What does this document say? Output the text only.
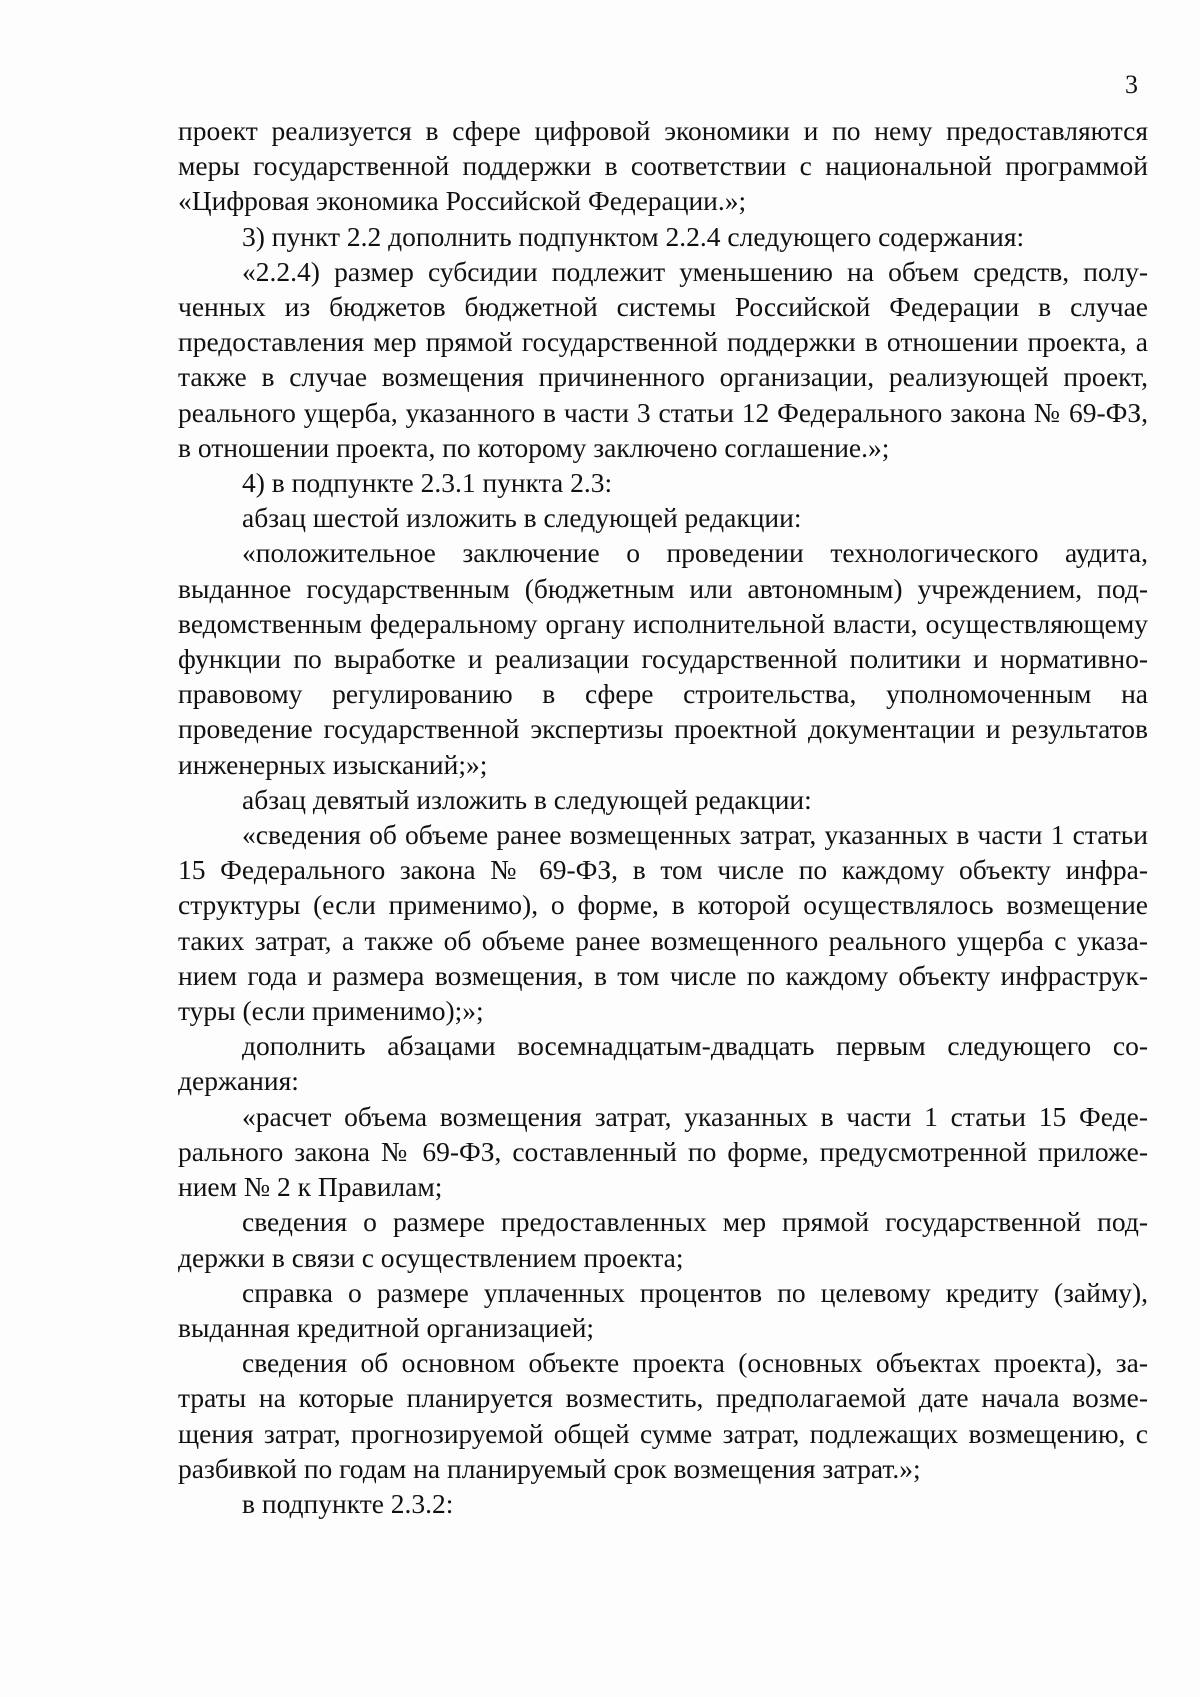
3

проект реализуется в сфере цифровой экономики и по нему предоставляются меры государственной поддержки в соответствии с национальной программой «Цифровая экономика Российской Федерации.»;

3) пункт 2.2 дополнить подпунктом 2.2.4 следующего содержания:

«2.2.4) размер субсидии подлежит уменьшению на объем средств, полученных из бюджетов бюджетной системы Российской Федерации в случае предоставления мер прямой государственной поддержки в отношении проекта, а также в случае возмещения причиненного организации, реализующей проект, реального ущерба, указанного в части 3 статьи 12 Федерального закона № 69-ФЗ, в отношении проекта, по которому заключено соглашение.»;

4) в подпункте 2.3.1 пункта 2.3:

абзац шестой изложить в следующей редакции:

«положительное заключение о проведении технологического аудита, выданное государственным (бюджетным или автономным) учреждением, подведомственным федеральному органу исполнительной власти, осуществляющему функции по выработке и реализации государственной политики и нормативно-правовому регулированию в сфере строительства, уполномоченным на проведение государственной экспертизы проектной документации и результатов инженерных изысканий;»;

абзац девятый изложить в следующей редакции:

«сведения об объеме ранее возмещенных затрат, указанных в части 1 статьи 15 Федерального закона № 69-ФЗ, в том числе по каждому объекту инфраструктуры (если применимо), о форме, в которой осуществлялось возмещение таких затрат, а также об объеме ранее возмещенного реального ущерба с указанием года и размера возмещения, в том числе по каждому объекту инфраструктуры (если применимо);»;

дополнить абзацами восемнадцатым-двадцать первым следующего содержания:

«расчет объема возмещения затрат, указанных в части 1 статьи 15 Федерального закона № 69-ФЗ, составленный по форме, предусмотренной приложением № 2 к Правилам;

сведения о размере предоставленных мер прямой государственной поддержки в связи с осуществлением проекта;

справка о размере уплаченных процентов по целевому кредиту (займу), выданная кредитной организацией;

сведения об основном объекте проекта (основных объектах проекта), затраты на которые планируется возместить, предполагаемой дате начала возмещения затрат, прогнозируемой общей сумме затрат, подлежащих возмещению, с разбивкой по годам на планируемый срок возмещения затрат.»;

в подпункте 2.3.2:
